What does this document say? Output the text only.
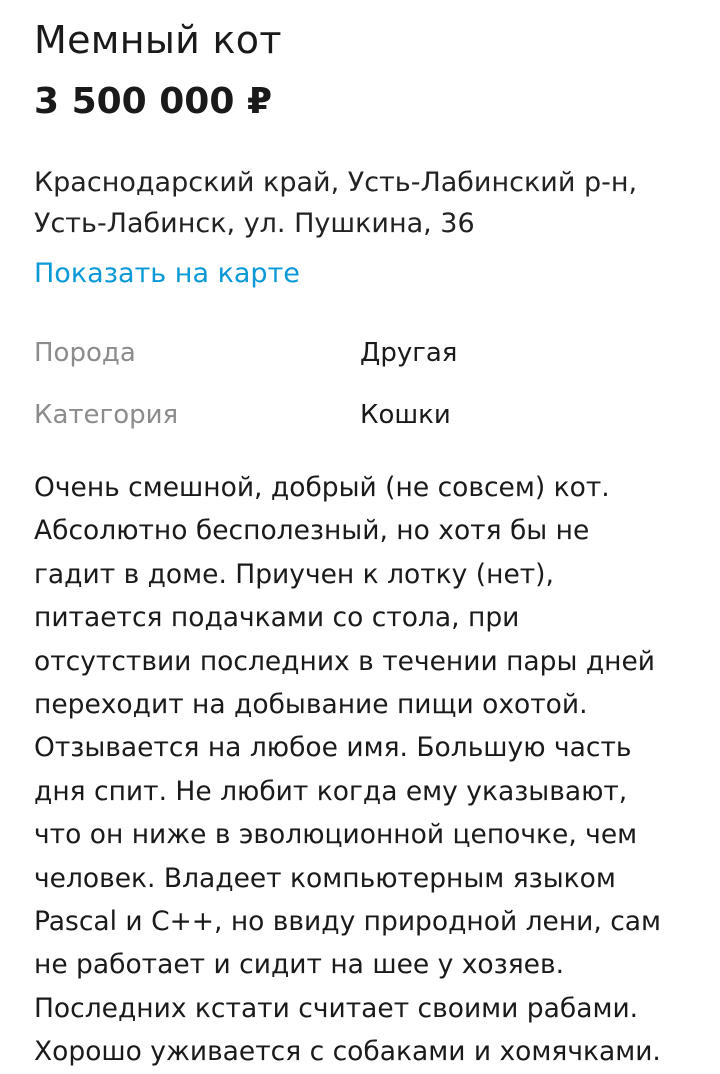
Мемный кот
3 500 000 ₽
Краснодарский край, Усть-Лабинский р-н,
Усть-Лабинск, ул. Пушкина, 36
Показать на карте
Порода	Другая
Категория	Кошки
Очень смешной, добрый (не совсем) кот.
Абсолютно бесполезный, но хотя бы не
гадит в доме. Приучен к лотку (нет),
питается подачками со стола, при
отсутствии последних в течении пары дней
переходит на добывание пищи охотой.
Отзывается на любое имя. Большую часть
дня спит. Не любит когда ему указывают,
что он ниже в эволюционной цепочке, чем
человек. Владеет компьютерным языком
Pascal и C++, но ввиду природной лени, сам
не работает и сидит на шее у хозяев.
Последних кстати считает своими рабами.
Хорошо уживается с собаками и хомячками.
